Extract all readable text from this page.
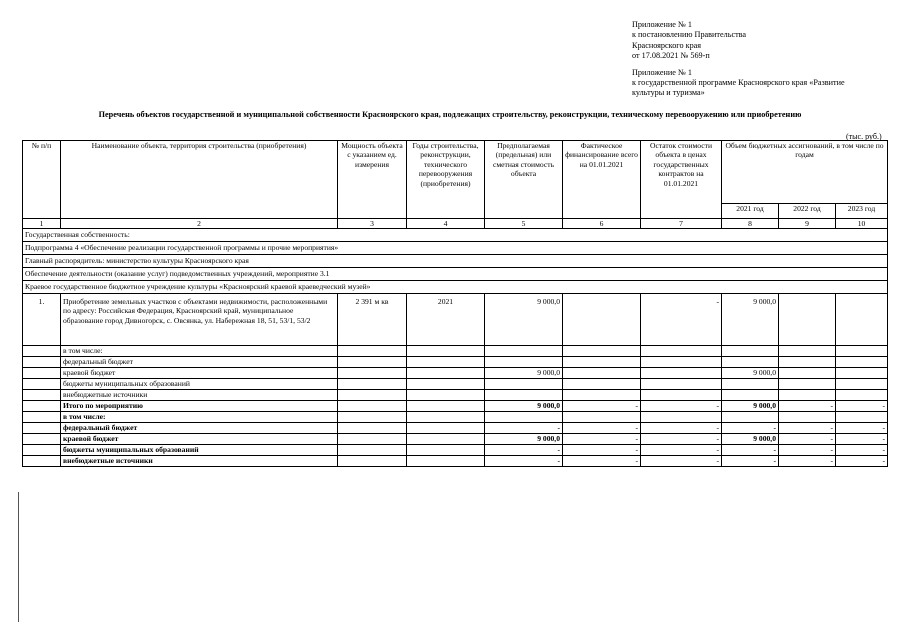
Приложение № 1
к постановлению Правительства
Красноярского края
от 17.08.2021 № 569-п
Приложение № 1
к государственной программе Красноярского края «Развитие
культуры и туризма»
Перечень объектов государственной и муниципальной собственности Красноярского края, подлежащих строительству, реконструкции, техническому перевооружению или приобретению
(тыс. руб.)
№ п/п	Наименование объекта, территория строительства (приобретения)	Мощность объекта с указанием ед. измерения	Годы строительства, реконструкции, технического перевооружения (приобретения)	Предполагаемая (предельная) или сметная стоимость объекта	Фактическое финансирование всего на 01.01.2021	Остаток стоимости объекта в ценах государственных контрактов на 01.01.2021	Объем бюджетных ассигнований, в том числе по годам		
							2021 год	2022 год	2023 год
1	2	3	4	5	6	7	8	9	10
Государственная собственность:									
Подпрограмма 4 «Обеспечение реализации государственной программы и прочие мероприятия»									
Главный распорядитель: министерство культуры Красноярского края									
Обеспечение деятельности (оказание услуг) подведомственных учреждений, мероприятие 3.1									
Краевое государственное бюджетное учреждение культуры «Красноярский краевой краеведческий музей»									
1.	Приобретение земельных участков с объектами недвижимости, расположенными по адресу: Российская Федерация, Красноярский край, муниципальное образование город Дивногорск, с. Овсянка, ул. Набережная 18, 51, 53/1, 53/2	2 391 м кв	2021	9 000,0		-	9 000,0		
	в том числе:								
	федеральный бюджет								
	краевой бюджет			9 000,0			9 000,0		
	бюджеты муниципальных образований								
	внебюджетные источники								
	Итого по мероприятию			9 000,0	-	-	9 000,0	-	-
	в том числе:								
	федеральный бюджет			-	-	-	-	-	-
	краевой бюджет			9 000,0	-	-	9 000,0	-	-
	бюджеты муниципальных образований			-	-	-	-	-	-
	внебюджетные источники			-	-	-	-	-	-
